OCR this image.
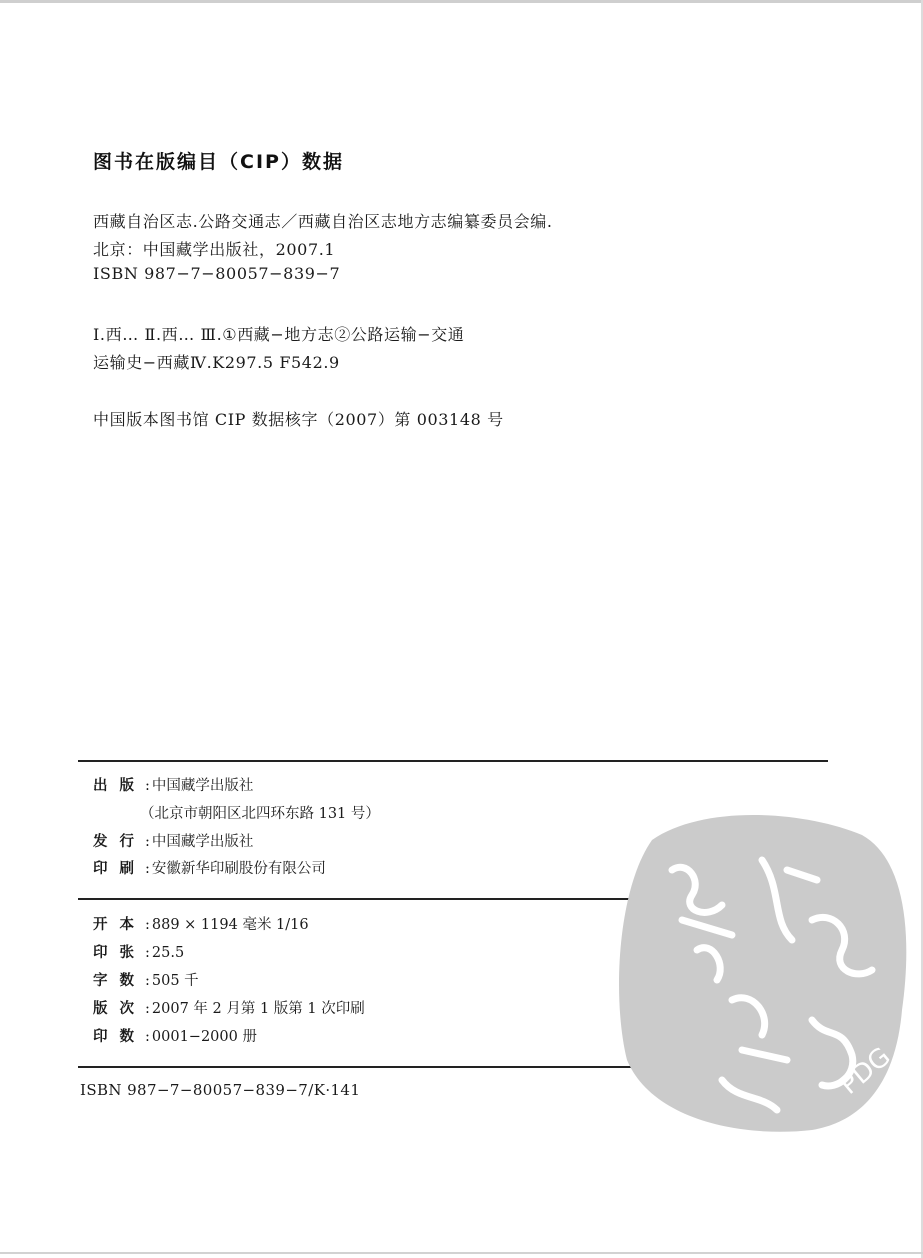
图书在版编目（CIP）数据
西藏自治区志.公路交通志／西藏自治区志地方志编纂委员会编.
北京：中国藏学出版社，2007.1
ISBN 987−7−80057−839−7
Ⅰ.西… Ⅱ.西… Ⅲ.①西藏−地方志②公路运输−交通
运输史−西藏Ⅳ.K297.5 F542.9
中国版本图书馆 CIP 数据核字（2007）第 003148 号
出版: 中国藏学出版社
（北京市朝阳区北四环东路 131 号）
发行: 中国藏学出版社
印刷: 安徽新华印刷股份有限公司
开本: 889 × 1194 毫米 1/16
印张: 25.5
字数: 505 千
版次: 2007 年 2 月第 1 版第 1 次印刷
印数: 0001−2000 册
ISBN 987−7−80057−839−7/K·141	PDG
